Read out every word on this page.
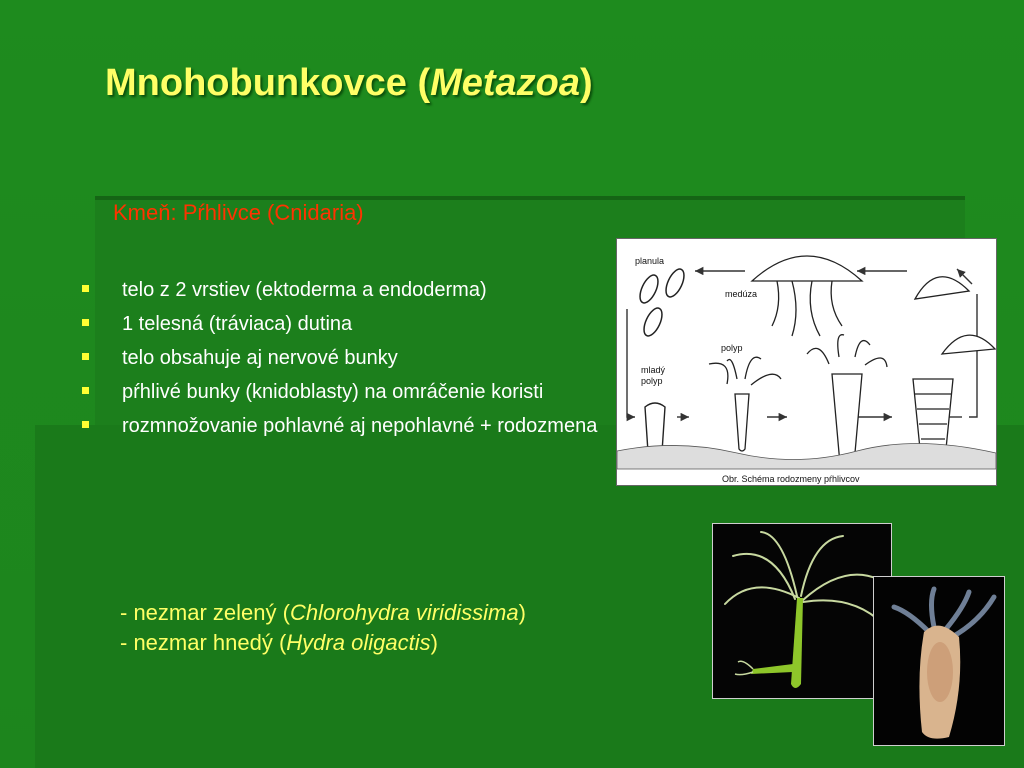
Mnohobunkovce (Metazoa)
Kmeň: Pŕhlivce (Cnidaria)
telo z 2 vrstiev (ektoderma a endoderma)
1 telesná (tráviaca) dutina
telo obsahuje aj nervové bunky
pŕhlivé bunky (knidoblasty) na omráčenie koristi
rozmnožovanie pohlavné aj nepohlavné + rodozmena
- nezmar zelený (Chlorohydra viridissima)
- nezmar hnedý (Hydra oligactis)
planula
medúza
polyp
mladý
polyp
Obr. Schéma rodozmeny pŕhlivcov
